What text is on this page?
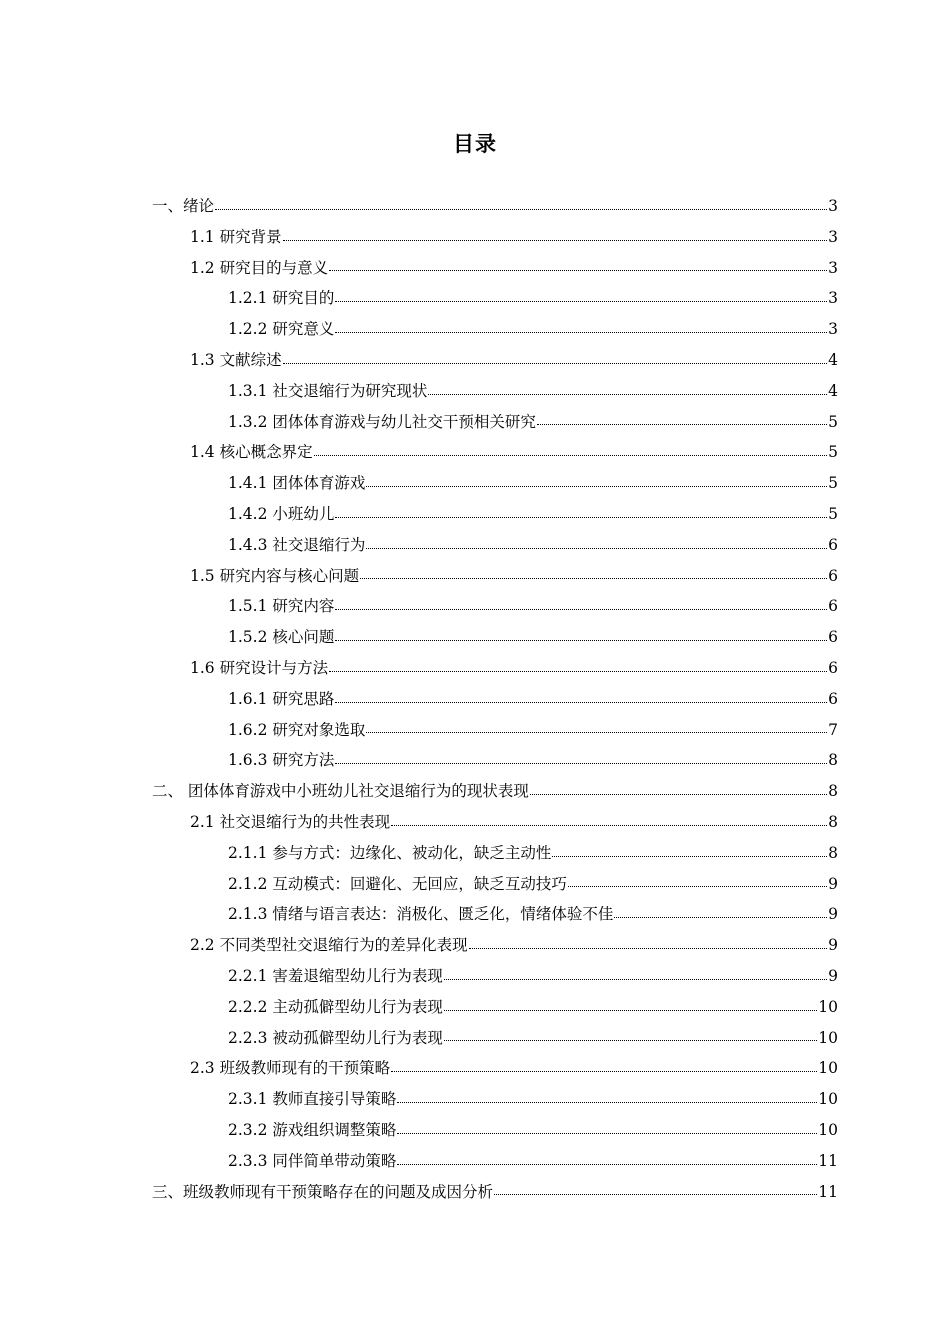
目录
一、绪论	3
1.1 研究背景	3
1.2 研究目的与意义	3
1.2.1 研究目的	3
1.2.2 研究意义	3
1.3 文献综述	4
1.3.1 社交退缩行为研究现状	4
1.3.2 团体体育游戏与幼儿社交干预相关研究	5
1.4 核心概念界定	5
1.4.1 团体体育游戏	5
1.4.2 小班幼儿	5
1.4.3 社交退缩行为	6
1.5 研究内容与核心问题	6
1.5.1 研究内容	6
1.5.2 核心问题	6
1.6 研究设计与方法	6
1.6.1 研究思路	6
1.6.2 研究对象选取	7
1.6.3 研究方法	8
二、 团体体育游戏中小班幼儿社交退缩行为的现状表现	8
2.1 社交退缩行为的共性表现	8
2.1.1 参与方式：边缘化、被动化，缺乏主动性	8
2.1.2 互动模式：回避化、无回应，缺乏互动技巧	9
2.1.3 情绪与语言表达：消极化、匮乏化，情绪体验不佳	9
2.2 不同类型社交退缩行为的差异化表现	9
2.2.1 害羞退缩型幼儿行为表现	9
2.2.2 主动孤僻型幼儿行为表现	10
2.2.3 被动孤僻型幼儿行为表现	10
2.3 班级教师现有的干预策略	10
2.3.1 教师直接引导策略	10
2.3.2 游戏组织调整策略	10
2.3.3 同伴简单带动策略	11
三、班级教师现有干预策略存在的问题及成因分析	11
